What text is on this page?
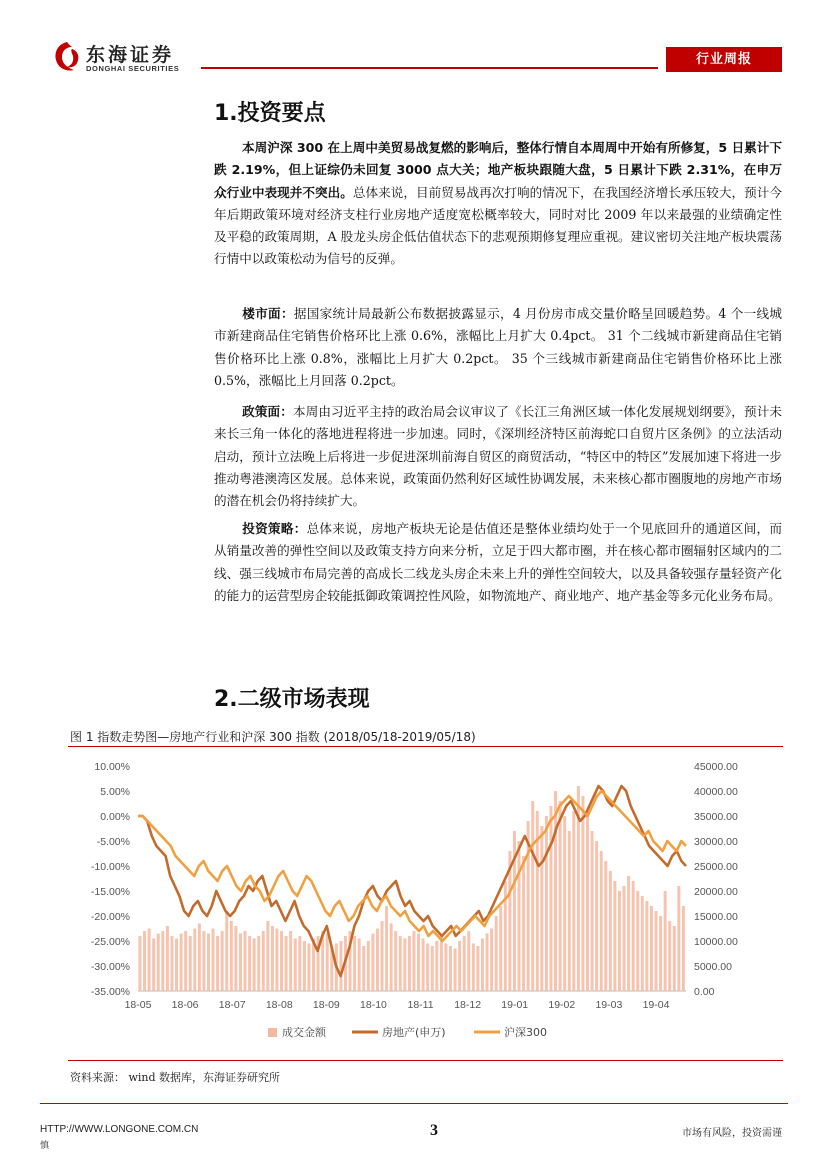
东海证券
DONGHAI SECURITIES
行业周报
1.投资要点

本周沪深 300 在上周中美贸易战复燃的影响后，整体行情自本周周中开始有所修复，5 日累计下跌 2.19%，但上证综仍未回复 3000 点大关；地产板块跟随大盘，5 日累计下跌 2.31%，在申万众行业中表现并不突出。总体来说，目前贸易战再次打响的情况下，在我国经济增长承压较大，预计今年后期政策环境对经济支柱行业房地产适度宽松概率较大，同时对比 2009 年以来最强的业绩确定性及平稳的政策周期，A 股龙头房企低估值状态下的悲观预期修复理应重视。建议密切关注地产板块震荡行情中以政策松动为信号的反弹。

楼市面：据国家统计局最新公布数据披露显示，4 月份房市成交量价略呈回暖趋势。4 个一线城市新建商品住宅销售价格环比上涨 0.6%，涨幅比上月扩大 0.4pct。 31 个二线城市新建商品住宅销售价格环比上涨 0.8%，涨幅比上月扩大 0.2pct。 35 个三线城市新建商品住宅销售价格环比上涨 0.5%，涨幅比上月回落 0.2pct。

政策面：本周由习近平主持的政治局会议审议了《长江三角洲区域一体化发展规划纲要》，预计未来长三角一体化的落地进程将进一步加速。同时，《深圳经济特区前海蛇口自贸片区条例》的立法活动启动，预计立法晚上后将进一步促进深圳前海自贸区的商贸活动，“特区中的特区”发展加速下将进一步推动粤港澳湾区发展。总体来说，政策面仍然利好区域性协调发展，未来核心都市圈腹地的房地产市场的潜在机会仍将持续扩大。

投资策略：总体来说，房地产板块无论是估值还是整体业绩均处于一个见底回升的通道区间，而从销量改善的弹性空间以及政策支持方向来分析，立足于四大都市圈，并在核心都市圈辐射区域内的二线、强三线城市布局完善的高成长二线龙头房企未来上升的弹性空间较大，以及具备较强存量轻资产化的能力的运营型房企较能抵御政策调控性风险，如物流地产、商业地产、地产基金等多元化业务布局。

2.二级市场表现
图 1 指数走势图—房地产行业和沪深 300 指数 (2018/05/18-2019/05/18)
10.00%
5.00%
0.00%
-5.00%
-10.00%
-15.00%
-20.00%
-25.00%
-30.00%
-35.00%
45000.00
40000.00
35000.00
30000.00
25000.00
20000.00
15000.00
10000.00
5000.00
0.00
18-05 18-06 18-07 18-08 18-09 18-10 18-11 18-12 19-01 19-02 19-03 19-04
成交金额	房地产(申万)	沪深300
资料来源： wind 数据库，东海证券研究所
HTTP://WWW.LONGONE.COM.CN
慎
3	市场有风险，投资需谨
